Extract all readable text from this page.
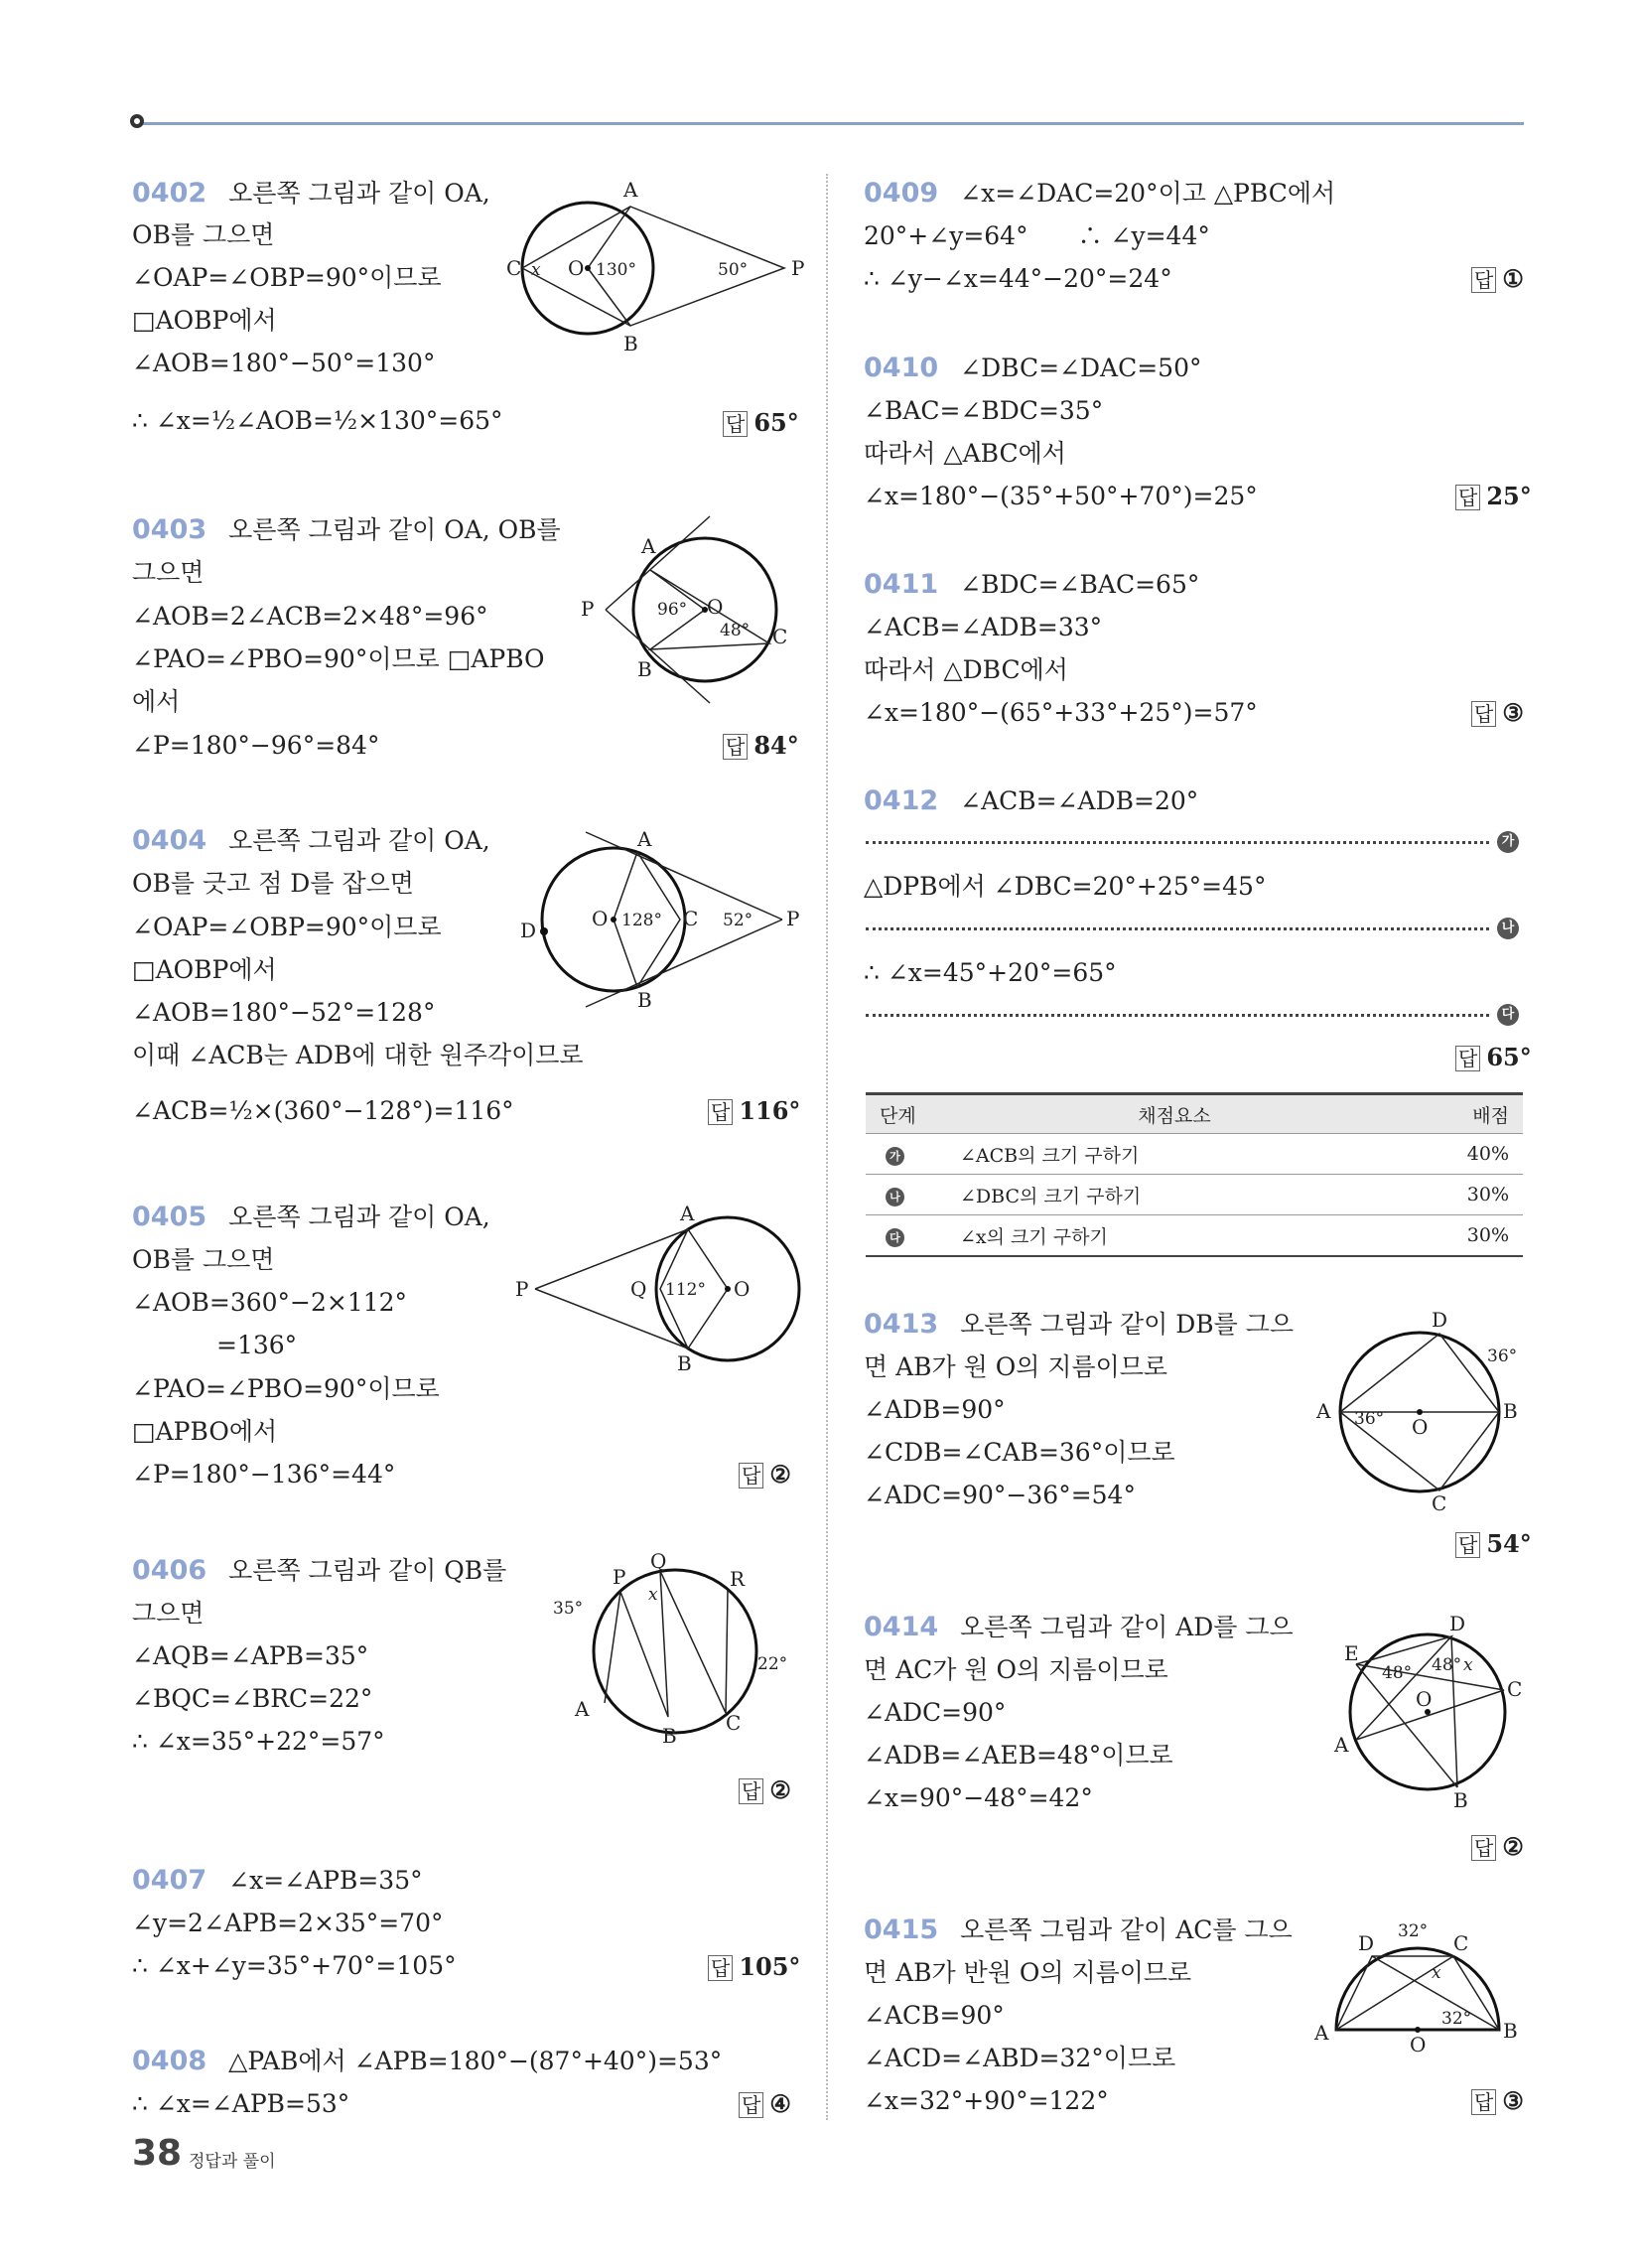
0402 오른쪽 그림과 같이 OA,
OB를 그으면
∠OAP=∠OBP=90°이므로
□AOBP에서
∠AOB=180°−50°=130°
∴ ∠x=½∠AOB=½×130°=65°	답 65°
A
B
C O	P
x	130°	50°
0403 오른쪽 그림과 같이 OA, OB를
그으면
∠AOB=2∠ACB=2×48°=96°
∠PAO=∠PBO=90°이므로 □APBO
에서
∠P=180°−96°=84°	답 84°
A
B
C
O
P	96°
48°
0404 오른쪽 그림과 같이 OA,
OB를 긋고 점 D를 잡으면
∠OAP=∠OBP=90°이므로
□AOBP에서
∠AOB=180°−52°=128°
이때 ∠ACB는 ADB에 대한 원주각이므로
∠ACB=½×(360°−128°)=116°	답 116°
A
B
C
D	O	P
128°	52°
0405 오른쪽 그림과 같이 OA,
OB를 그으면
∠AOB=360°−2×112°
=136°
∠PAO=∠PBO=90°이므로
□APBO에서
∠P=180°−136°=44°	답 ②
A
B
O
P	Q 112°
0406 오른쪽 그림과 같이 QB를
그으면
∠AQB=∠APB=35°
∠BQC=∠BRC=22°
∴ ∠x=35°+22°=57°
답 ②
P
Q
R
A
B
C
x
35°
22°
0407 ∠x=∠APB=35°
∠y=2∠APB=2×35°=70°
∴ ∠x+∠y=35°+70°=105°	답 105°
0408 △PAB에서 ∠APB=180°−(87°+40°)=53°
∴ ∠x=∠APB=53°	답 ④
0409 ∠x=∠DAC=20°이고 △PBC에서
20°+∠y=64°　　∴ ∠y=44°
∴ ∠y−∠x=44°−20°=24°	답 ①
0410 ∠DBC=∠DAC=50°
∠BAC=∠BDC=35°
따라서 △ABC에서
∠x=180°−(35°+50°+70°)=25°	답 25°
0411 ∠BDC=∠BAC=65°
∠ACB=∠ADB=33°
따라서 △DBC에서
∠x=180°−(65°+33°+25°)=57°	답 ③
0412 ∠ACB=∠ADB=20°
가
△DPB에서 ∠DBC=20°+25°=45°
나
∴ ∠x=45°+20°=65°
다
답 65°
단계	채점요소	배점
가	∠ACB의 크기 구하기	40%
나	∠DBC의 크기 구하기	30%
다	∠x의 크기 구하기	30%
0413 오른쪽 그림과 같이 DB를 그으
면 AB가 원 O의 지름이므로
∠ADB=90°
∠CDB=∠CAB=36°이므로
∠ADC=90°−36°=54°
답 54°
D
A	B
C
O
36°
36°
0414 오른쪽 그림과 같이 AD를 그으
면 AC가 원 O의 지름이므로
∠ADC=90°
∠ADB=∠AEB=48°이므로
∠x=90°−48°=42°
답 ②
D
E
C
A
B
O
48° 48° x
0415 오른쪽 그림과 같이 AC를 그으
면 AB가 반원 O의 지름이므로
∠ACB=90°
∠ACD=∠ABD=32°이므로
∠x=32°+90°=122°	답 ③
D	C
A	B
O
32°
32°
x
38 정답과 풀이
